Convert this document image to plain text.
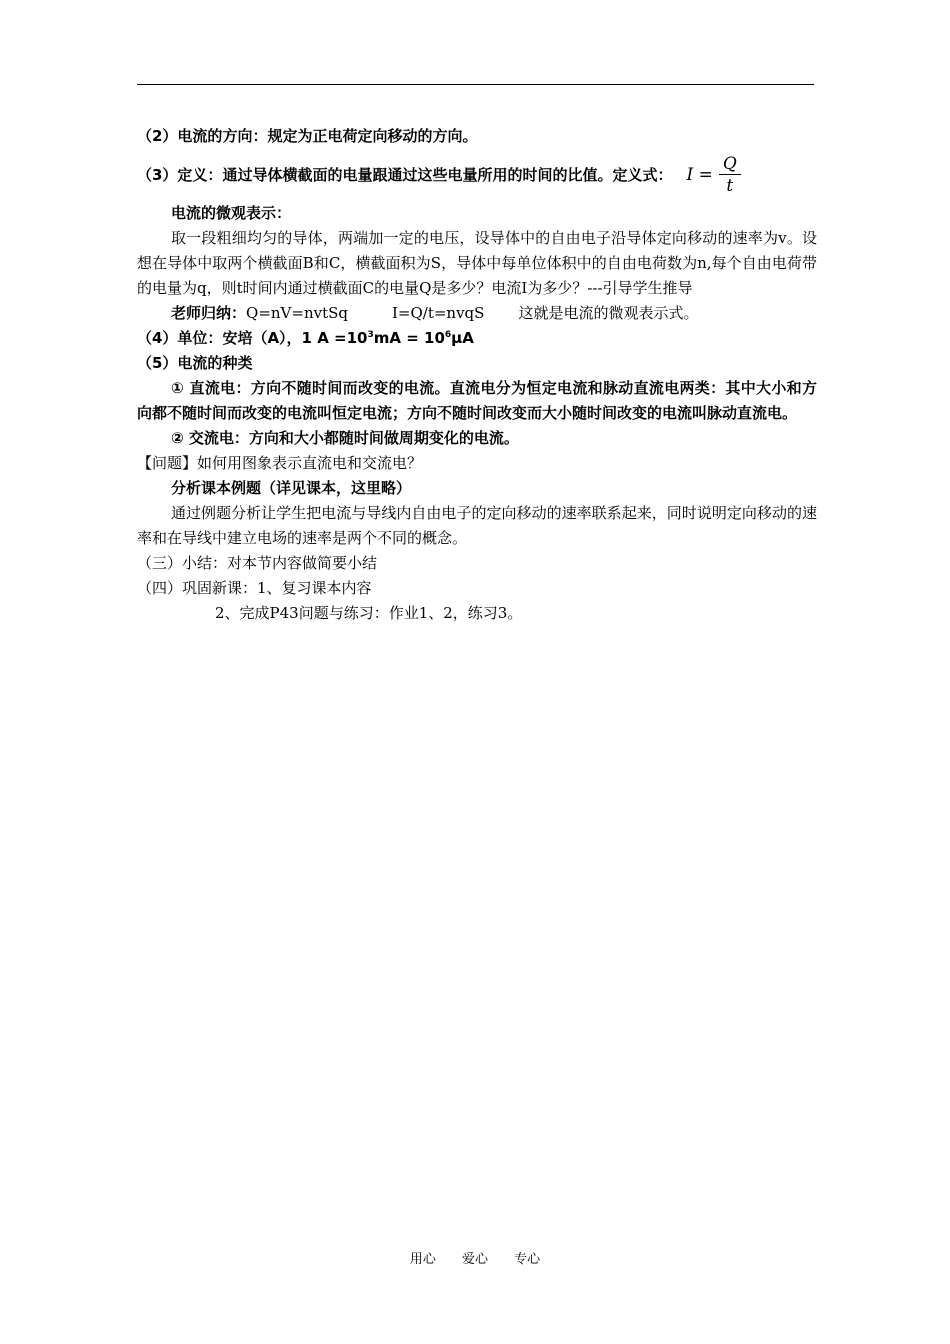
（2）电流的方向：规定为正电荷定向移动的方向。
（3）定义：通过导体横截面的电量跟通过这些电量所用的时间的比值。定义式： $I = \frac{Q}{t}$
电流的微观表示：
取一段粗细均匀的导体，两端加一定的电压，设导体中的自由电子沿导体定向移动的速率为v。设想在导体中取两个横截面B和C，横截面积为S，导体中每单位体积中的自由电荷数为n,每个自由电荷带的电量为q，则t时间内通过横截面C的电量Q是多少？电流I为多少？---引导学生推导
老师归纳：Q=nV=nvtSq	I=Q/t=nvqS 这就是电流的微观表示式。
（4）单位：安培（A），1 $A =10^3mA = 10^6\mu A$
（5）电流的种类
① 直流电：方向不随时间而改变的电流。直流电分为恒定电流和脉动直流电两类：其中大小和方向都不随时间而改变的电流叫恒定电流；方向不随时间改变而大小随时间改变的电流叫脉动直流电。
② 交流电：方向和大小都随时间做周期变化的电流。
【问题】如何用图象表示直流电和交流电？
分析课本例题（详见课本，这里略）
通过例题分析让学生把电流与导线内自由电子的定向移动的速率联系起来，同时说明定向移动的速率和在导线中建立电场的速率是两个不同的概念。
（三）小结：对本节内容做简要小结
（四）巩固新课：1、复习课本内容
2、完成P43问题与练习：作业1、2，练习3。
用心 爱心 专心
